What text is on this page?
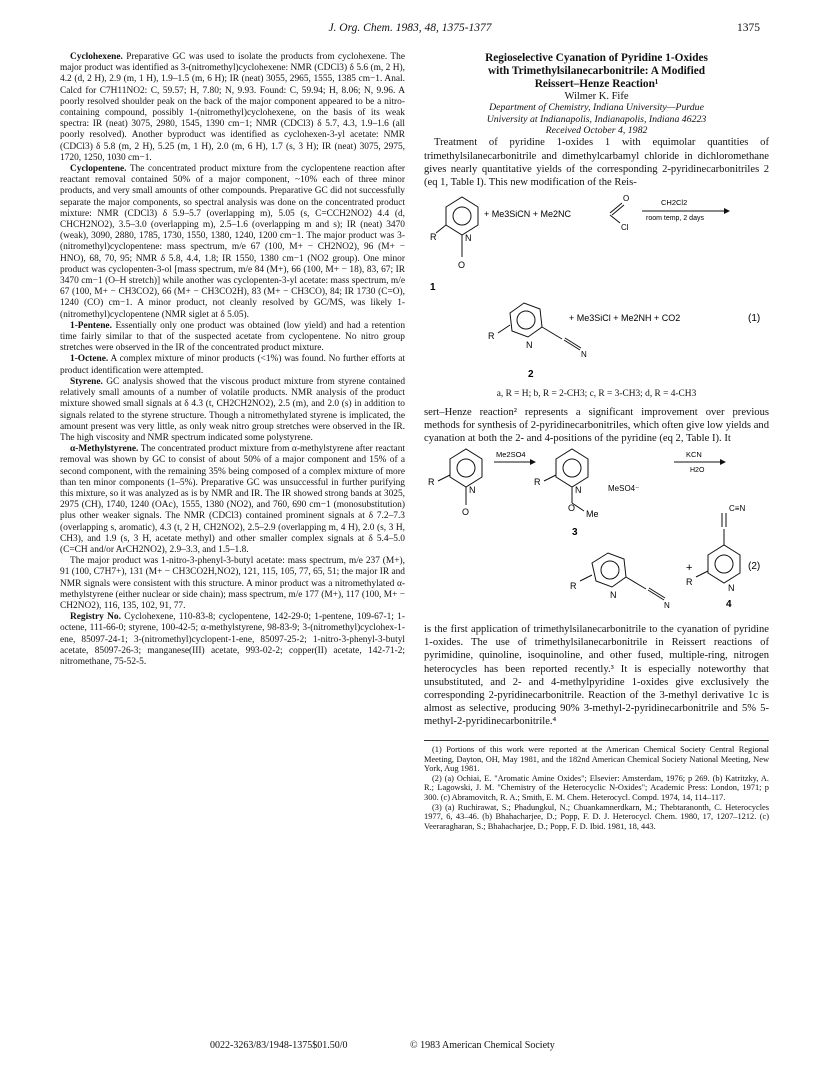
J. Org. Chem. 1983, 48, 1375-1377	1375

Cyclohexene. Preparative GC was used to isolate the products from cyclohexene. The major product was identified as 3-(nitromethyl)cyclohexene: NMR (CDCl3) δ 5.6 (m, 2 H), 4.2 (d, 2 H), 2.9 (m, 1 H), 1.9–1.5 (m, 6 H); IR (neat) 3055, 2965, 1555, 1385 cm−1. Anal. Calcd for C7H11NO2: C, 59.57; H, 7.80; N, 9.93. Found: C, 59.94; H, 8.06; N, 9.96. A poorly resolved shoulder peak on the back of the major component appeared to be a nitro-containing compound, possibly 1-(nitromethyl)cyclohexene, on the basis of its weak spectra: IR (neat) 3075, 2980, 1545, 1390 cm−1; NMR (CDCl3) δ 5.7, 4.3, 1.9–1.6 (all poorly resolved). Another byproduct was identified as cyclohexen-3-yl acetate: NMR (CDCl3) δ 5.8 (m, 2 H), 5.25 (m, 1 H), 2.0 (m, 6 H), 1.7 (s, 3 H); IR (neat) 3075, 2975, 1720, 1250, 1030 cm−1.

Cyclopentene. The concentrated product mixture from the cyclopentene reaction after reactant removal contained 50% of a major component, ~10% each of three minor products, and very small amounts of other compounds. Preparative GC did not successfully separate the major components, so spectral analysis was done on the concentrated product mixture: NMR (CDCl3) δ 5.9–5.7 (overlapping m), 5.05 (s, C=CCH2NO2) 4.4 (d, CHCH2NO2), 3.5–3.0 (overlapping m), 2.5–1.6 (overlapping m and s); IR (neat) 3470 (weak), 3090, 2880, 1785, 1730, 1550, 1380, 1240, 1200 cm−1. The major product was 3-(nitromethyl)cyclopentene: mass spectrum, m/e 67 (100, M+ − CH2NO2), 96 (M+ − HNO), 68, 70, 95; NMR δ 5.8, 4.4, 1.8; IR 1550, 1380 cm−1 (NO2 group). One minor product was cyclopenten-3-ol [mass spectrum, m/e 84 (M+), 66 (100, M+ − 18), 83, 67; IR 3470 cm−1 (O–H stretch)] while another was cyclopenten-3-yl acetate: mass spectrum, m/e 67 (100, M+ − CH3CO2), 66 (M+ − CH3CO2H), 83 (M+ − CH3CO), 84; IR 1730 (C=O), 1240 (CO) cm−1. A minor product, not cleanly resolved by GC/MS, was likely 1-(nitromethyl)cyclopentene (NMR siglet at δ 5.05).

1-Pentene. Essentially only one product was obtained (low yield) and had a retention time fairly similar to that of the suspected acetate from cyclopentene. No nitro group stretches were observed in the IR of the concentrated product mixture.

1-Octene. A complex mixture of minor products (<1%) was found. No further efforts at product identification were attempted.

Styrene. GC analysis showed that the viscous product mixture from styrene contained relatively small amounts of a number of volatile products. NMR analysis of the product mixture showed small signals at δ 4.3 (t, CH2CH2NO2), 2.5 (m), and 2.0 (s) in addition to signals related to the styrene structure. Though a nitromethylated styrene is implicated, the amount present was very little, as only weak nitro group stretches were observed in the IR. The high viscosity and NMR spectrum indicated some polystyrene.

α-Methylstyrene. The concentrated product mixture from α-methylstyrene after reactant removal was shown by GC to consist of about 50% of a major component and 15% of a second component, with the remaining 35% being composed of a complex mixture of more than ten minor components (1–5%). Preparative GC was unsuccessful in further purifying this mixture, so it was analyzed as is by NMR and IR. The IR showed strong bands at 3025, 2975 (CH), 1740, 1240 (OAc), 1555, 1380 (NO2), and 760, 690 cm−1 (monosubstitution) plus other weaker signals. The NMR (CDCl3) contained prominent signals at δ 7.2–7.3 (overlapping s, aromatic), 4.3 (t, 2 H, CH2NO2), 2.5–2.9 (overlapping m, 4 H), 2.0 (s, 3 H, CH3), and 1.9 (s, 3 H, acetate methyl) and other smaller complex signals at δ 5.4–5.0 (C=CH and/or ArCH2NO2), 2.9–3.3, and 1.5–1.8.

The major product was 1-nitro-3-phenyl-3-butyl acetate: mass spectrum, m/e 237 (M+), 91 (100, C7H7+), 131 (M+ − CH3CO2H,NO2), 121, 115, 105, 77, 65, 51; the major IR and NMR signals were consistent with this structure. A minor product was a nitromethylated α-methylstyrene (either nuclear or side chain); mass spectrum, m/e 177 (M+), 117 (100, M+ − CH2NO2), 116, 135, 102, 91, 77.

Registry No. Cyclohexene, 110-83-8; cyclopentene, 142-29-0; 1-pentene, 109-67-1; 1-octene, 111-66-0; styrene, 100-42-5; α-methylstyrene, 98-83-9; 3-(nitromethyl)cyclohex-1-ene, 85097-24-1; 3-(nitromethyl)cyclopent-1-ene, 85097-25-2; 1-nitro-3-phenyl-3-butyl acetate, 85097-26-3; manganese(III) acetate, 993-02-2; copper(II) acetate, 142-71-2; nitromethane, 75-52-5.

Regioselective Cyanation of Pyridine 1-Oxides
with Trimethylsilanecarbonitrile: A Modified
Reissert–Henze Reaction¹

Wilmer K. Fife

Department of Chemistry, Indiana University—Purdue
University at Indianapolis, Indianapolis, Indiana 46223

Received October 4, 1982

Treatment of pyridine 1-oxides 1 with equimolar quantities of trimethylsilanecarbonitrile and dimethylcarbamyl chloride in dichloromethane gives nearly quantitative yields of the corresponding 2-pyridinecarbonitriles 2 (eq 1, Table I). This new modification of the Reis-

R	N
O
+ Me3SiCN + Me2NC
O
Cl
CH2Cl2
room temp, 2 days
1
R
N
N
+ Me3SiCl + Me2NH + CO2	(1)
2
a, R = H; b, R = 2-CH3; c, R = 3-CH3; d, R = 4-CH3

sert–Henze reaction² represents a significant improvement over previous methods for synthesis of 2-pyridinecarbonitriles, which often give low yields and cyanation at both the 2- and 4-positions of the pyridine (eq 2, Table I). It

R
N
O
Me2SO4
R
N
O
Me
MeSO4⁻
3
KCN
H2O
R
N
N
+
C≡N
R
N
(2)
4

is the first application of trimethylsilanecarbonitrile to the cyanation of pyridine 1-oxides. The use of trimethylsilanecarbonitrile in Reissert reactions of pyrimidine, quinoline, isoquinoline, and other fused, multiple-ring, nitrogen heterocycles has been reported recently.³ It is especially noteworthy that unsubstituted, and 2- and 4-methylpyridine 1-oxides give exclusively the corresponding 2-pyridinecarbonitrile. Reaction of the 3-methyl derivative 1c is almost as selective, producing 90% 3-methyl-2-pyridinecarbonitrile and 5% 5-methyl-2-pyridinecarbonitrile.⁴

(1) Portions of this work were reported at the American Chemical Society Central Regional Meeting, Dayton, OH, May 1981, and the 182nd American Chemical Society National Meeting, New York, Aug 1981.

(2) (a) Ochiai, E. "Aromatic Amine Oxides"; Elsevier: Amsterdam, 1976; p 269. (b) Katritzky, A. R.; Lagowski, J. M. "Chemistry of the Heterocyclic N-Oxides"; Academic Press: London, 1971; p 300. (c) Abramovitch, R. A.; Smith, E. M. Chem. Heterocycl. Compd. 1974, 14, 114–117.

(3) (a) Ruchirawat, S.; Phadungkul, N.; Chuankamnerdkarn, M.; Thebtaranonth, C. Heterocycles 1977, 6, 43–46. (b) Bhahacharjee, D.; Popp, F. D. J. Heterocycl. Chem. 1980, 17, 1207–1212. (c) Veeraragharan, S.; Bhahacharjee, D.; Popp, F. D. Ibid. 1981, 18, 443.

0022-3263/83/1948-1375$01.50/0	© 1983 American Chemical Society
